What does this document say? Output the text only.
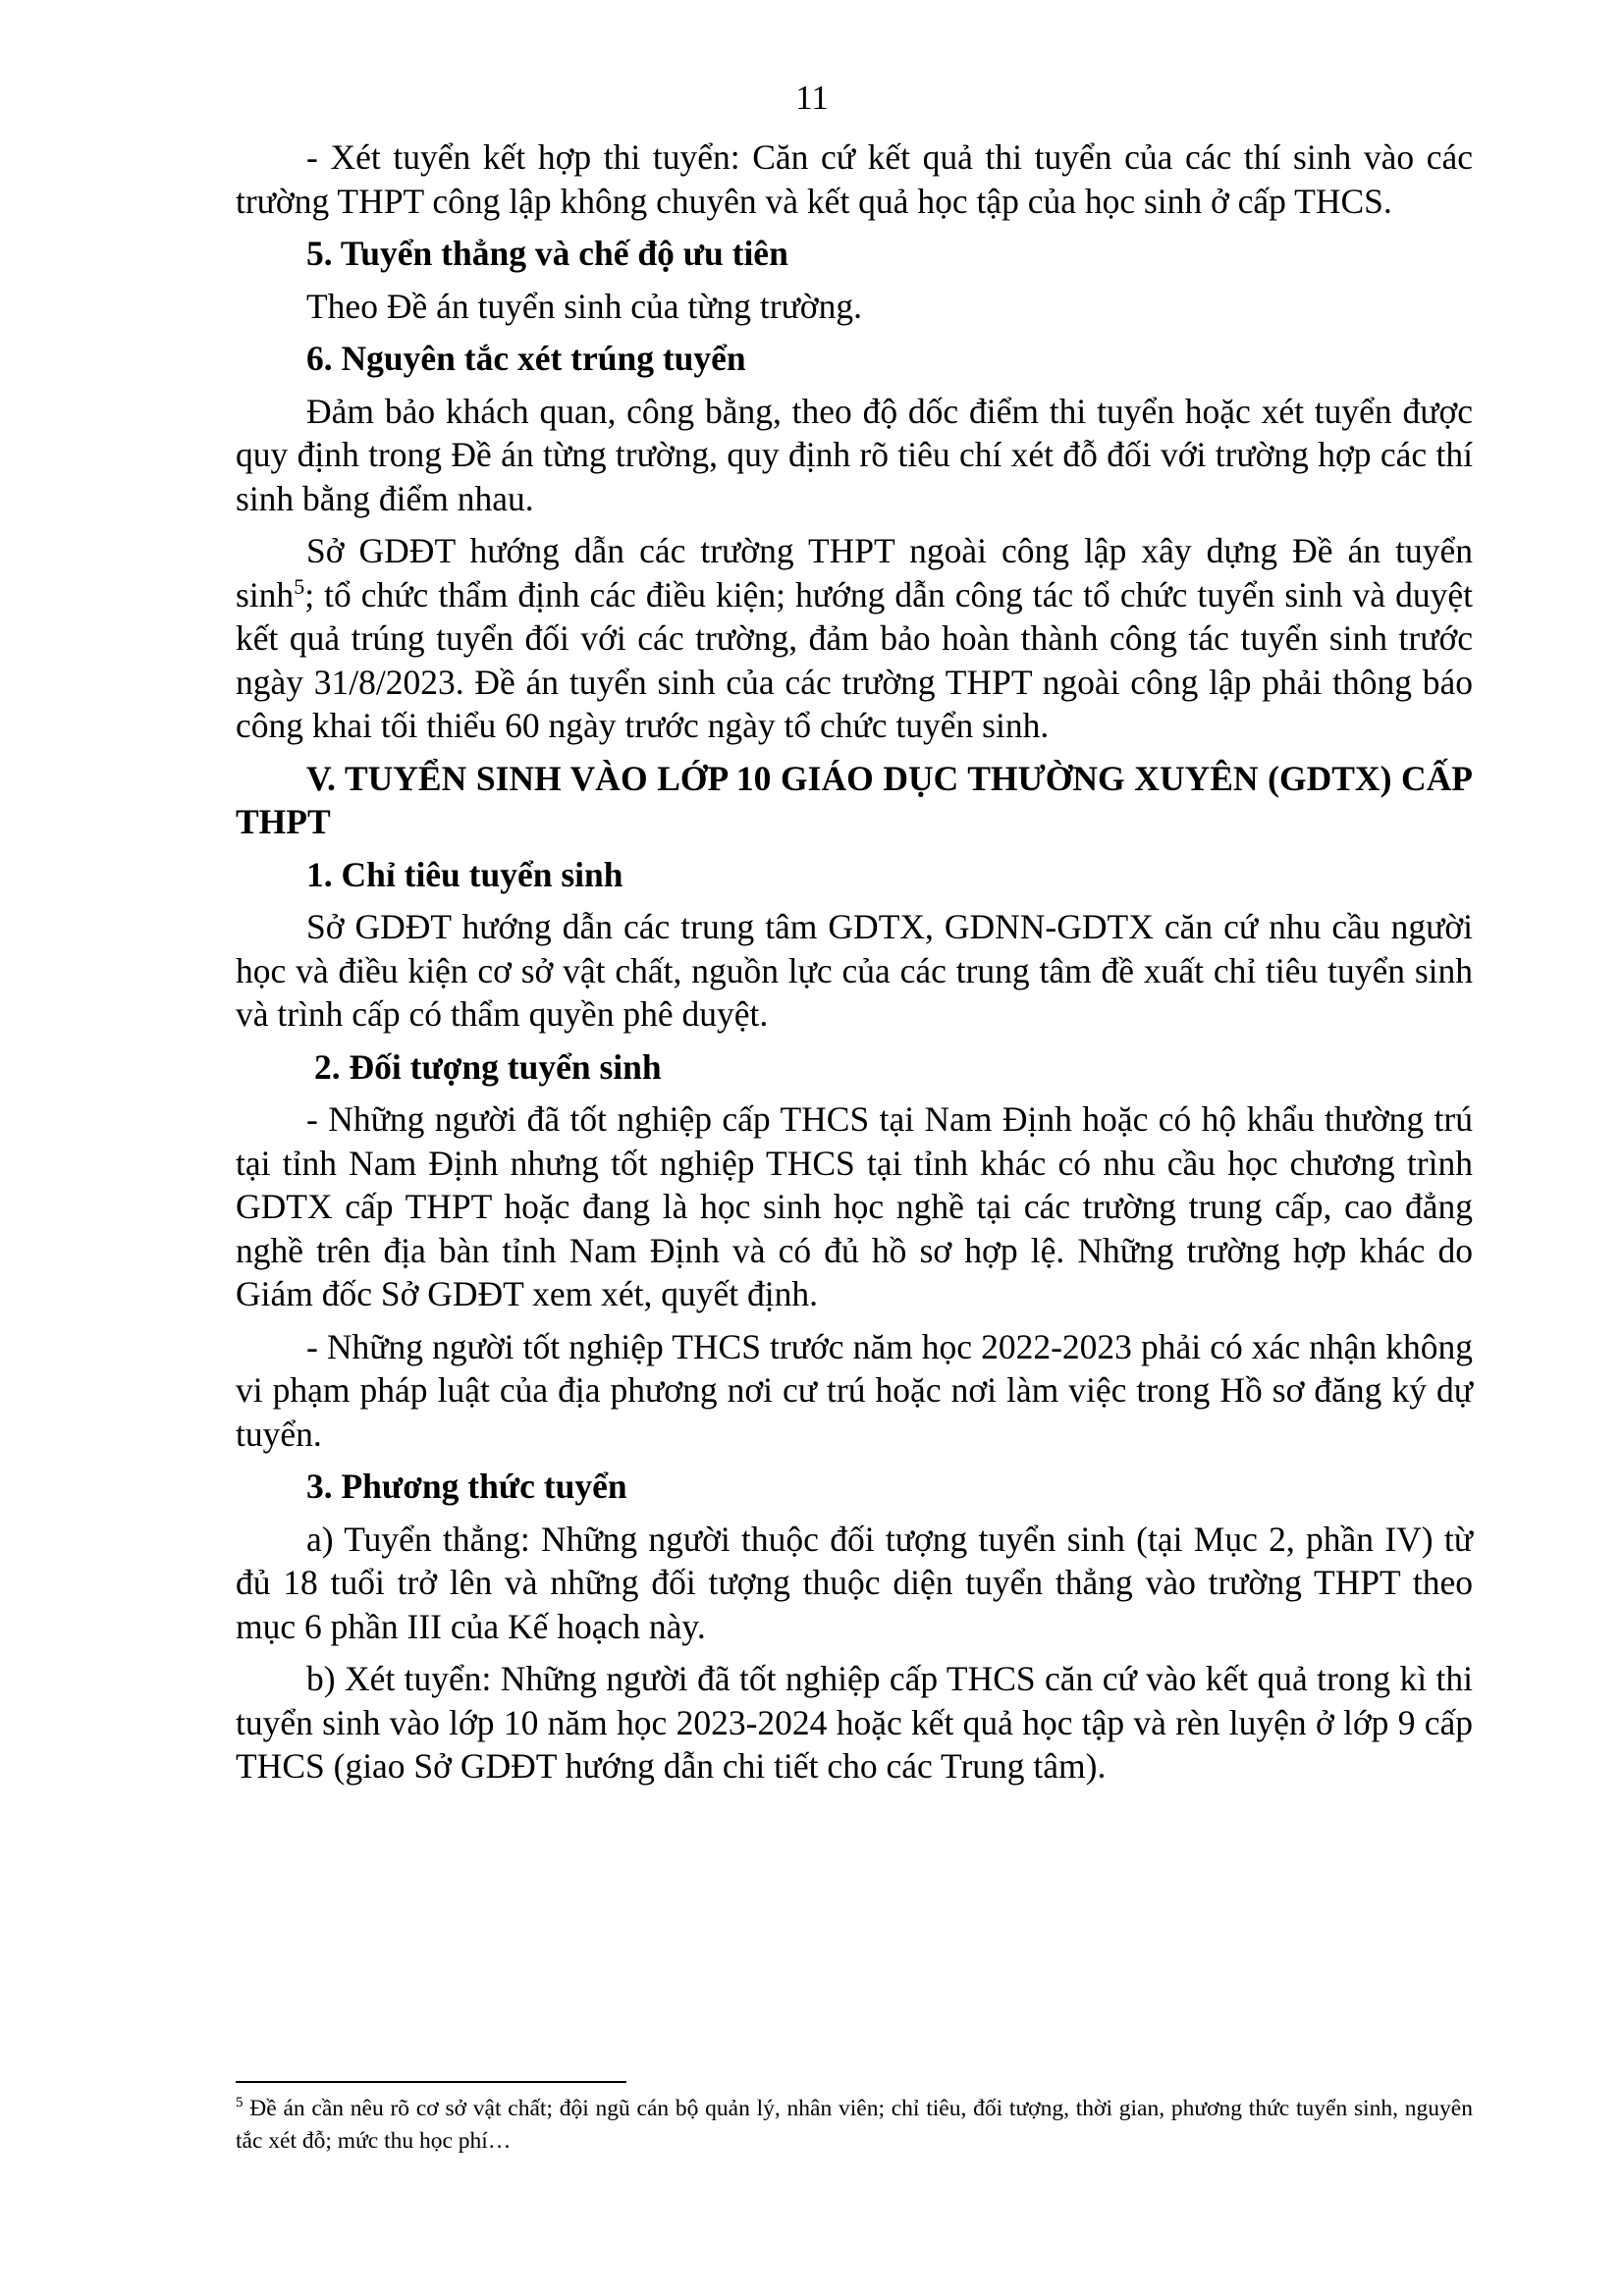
11

- Xét tuyển kết hợp thi tuyển: Căn cứ kết quả thi tuyển của các thí sinh vào các trường THPT công lập không chuyên và kết quả học tập của học sinh ở cấp THCS.

5. Tuyển thẳng và chế độ ưu tiên

Theo Đề án tuyển sinh của từng trường.

6. Nguyên tắc xét trúng tuyển

Đảm bảo khách quan, công bằng, theo độ dốc điểm thi tuyển hoặc xét tuyển được quy định trong Đề án từng trường, quy định rõ tiêu chí xét đỗ đối với trường hợp các thí sinh bằng điểm nhau.

Sở GDĐT hướng dẫn các trường THPT ngoài công lập xây dựng Đề án tuyển $\sinh^5$; tổ chức thẩm định các điều kiện; hướng dẫn công tác tổ chức tuyển sinh và duyệt kết quả trúng tuyển đối với các trường, đảm bảo hoàn thành công tác tuyển sinh trước ngày 31/8/2023. Đề án tuyển sinh của các trường THPT ngoài công lập phải thông báo công khai tối thiểu 60 ngày trước ngày tổ chức tuyển sinh.

V. TUYỂN SINH VÀO LỚP 10 GIÁO DỤC THƯỜNG XUYÊN (GDTX) CẤP THPT

1. Chỉ tiêu tuyển sinh

Sở GDĐT hướng dẫn các trung tâm GDTX, GDNN-GDTX căn cứ nhu cầu người học và điều kiện cơ sở vật chất, nguồn lực của các trung tâm đề xuất chỉ tiêu tuyển sinh và trình cấp có thẩm quyền phê duyệt.

2. Đối tượng tuyển sinh

- Những người đã tốt nghiệp cấp THCS tại Nam Định hoặc có hộ khẩu thường trú tại tỉnh Nam Định nhưng tốt nghiệp THCS tại tỉnh khác có nhu cầu học chương trình GDTX cấp THPT hoặc đang là học sinh học nghề tại các trường trung cấp, cao đẳng nghề trên địa bàn tỉnh Nam Định và có đủ hồ sơ hợp lệ. Những trường hợp khác do Giám đốc Sở GDĐT xem xét, quyết định.

- Những người tốt nghiệp THCS trước năm học 2022-2023 phải có xác nhận không vi phạm pháp luật của địa phương nơi cư trú hoặc nơi làm việc trong Hồ sơ đăng ký dự tuyển.

3. Phương thức tuyển

a) Tuyển thẳng: Những người thuộc đối tượng tuyển sinh (tại Mục 2, phần IV) từ đủ 18 tuổi trở lên và những đối tượng thuộc diện tuyển thẳng vào trường THPT theo mục 6 phần III của Kế hoạch này.

b) Xét tuyển: Những người đã tốt nghiệp cấp THCS căn cứ vào kết quả trong kì thi tuyển sinh vào lớp 10 năm học 2023-2024 hoặc kết quả học tập và rèn luyện ở lớp 9 cấp THCS (giao Sở GDĐT hướng dẫn chi tiết cho các Trung tâm).

$^5$ Đề án cần nêu rõ cơ sở vật chất; đội ngũ cán bộ quản lý, nhân viên; chỉ tiêu, đối tượng, thời gian, phương thức tuyển sinh, nguyên tắc xét đỗ; mức thu học phí…
